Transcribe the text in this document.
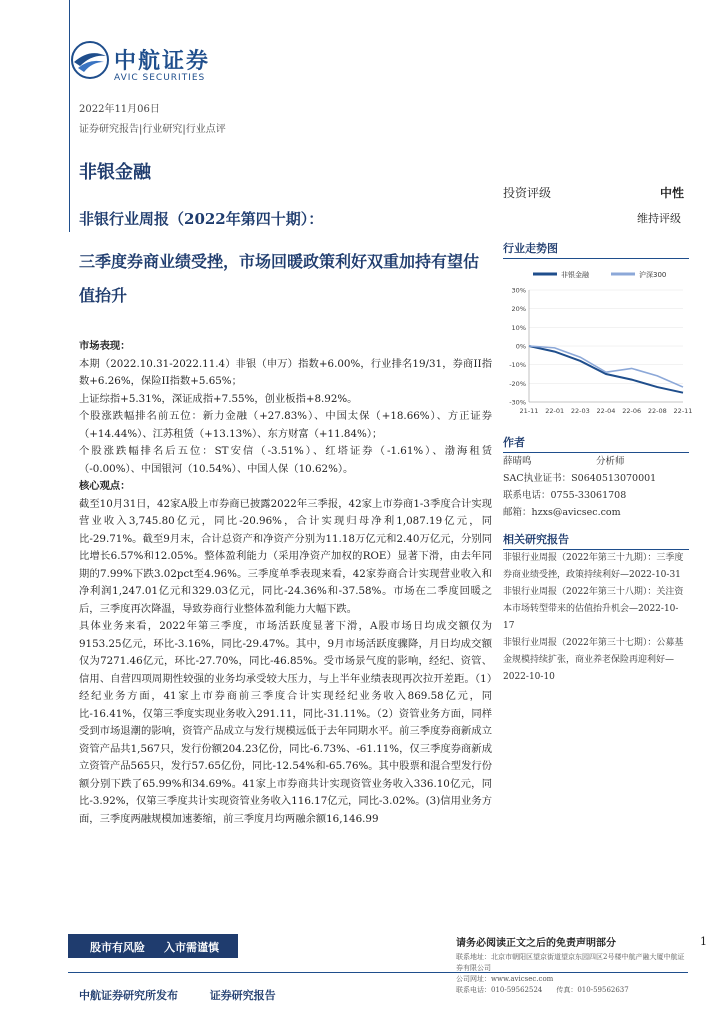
中航证券
AVIC SECURITIES
2022年11月06日
证券研究报告|行业研究|行业点评
非银金融
非银行业周报（2022年第四十期）：
三季度券商业绩受挫，市场回暖政策利好双重加持有望估值抬升
投资评级	中性
维持评级
行业走势图
非银金融	沪深300
30%
20%
10%
0%
-10%
-20%
-30%
21-11 22-01 22-03 22-04 22-06 22-08 22-11

市场表现：

本期（2022.10.31-2022.11.4）非银（申万）指数+6.00%，行业排名19/31，券商II指数+6.26%，保险II指数+5.65%；

上证综指+5.31%，深证成指+7.55%，创业板指+8.92%。

个股涨跌幅排名前五位：新力金融（+27.83%）、中国太保（+18.66%）、方正证券（+14.44%）、江苏租赁（+13.13%）、东方财富（+11.84%）；

个股涨跌幅排名后五位：ST安信（-3.51%）、红塔证券（-1.61%）、渤海租赁（-0.00%）、中国银河（10.54%）、中国人保（10.62%）。

核心观点：

截至10月31日，42家A股上市券商已披露2022年三季报，42家上市券商1-3季度合计实现营业收入3,745.80亿元，同比-20.96%，合计实现归母净利1,087.19亿元，同比-29.71%。截至9月末，合计总资产和净资产分别为11.18万亿元和2.40万亿元，分别同比增长6.57%和12.05%。整体盈利能力（采用净资产加权的ROE）显著下滑，由去年同期的7.99%下跌3.02pct至4.96%。三季度单季表现来看，42家券商合计实现营业收入和净利润1,247.01亿元和329.03亿元，同比-24.36%和-37.58%。市场在二季度回暖之后，三季度再次降温，导致券商行业整体盈利能力大幅下跌。

具体业务来看，2022年第三季度，市场活跃度显著下滑，A股市场日均成交额仅为9153.25亿元，环比-3.16%，同比-29.47%。其中，9月市场活跃度骤降，月日均成交额仅为7271.46亿元，环比-27.70%，同比-46.85%。受市场景气度的影响，经纪、资管、信用、自营四项周期性较强的业务均承受较大压力，与上半年业绩表现再次拉开差距。（1）经纪业务方面，41家上市券商前三季度合计实现经纪业务收入869.58亿元，同比-16.41%，仅第三季度实现业务收入291.11，同比-31.11%。（2）资管业务方面，同样受到市场退潮的影响，资管产品成立与发行规模远低于去年同期水平。前三季度券商新成立资管产品共1,567只，发行份额204.23亿份，同比-6.73%、-61.11%，仅三季度券商新成立资管产品565只，发行57.65亿份，同比-12.54%和-65.76%。其中股票和混合型发行份额分别下跌了65.99%和34.69%。41家上市券商共计实现资管业务收入336.10亿元，同比-3.92%，仅第三季度共计实现资管业务收入116.17亿元，同比-3.02%。(3)信用业务方面，三季度两融规模加速萎缩，前三季度月均两融余额16,146.99

作者
薛晴鸣	分析师
SAC执业证书：S0640513070001
联系电话：0755-33061708
邮箱：hzxs@avicsec.com
相关研究报告

非银行业周报（2022年第三十九期）：三季度券商业绩受挫，政策持续利好—2022-10-31

非银行业周报（2022年第三十八期）：关注资本市场转型带来的估值抬升机会—2022-10-17

非银行业周报（2022年第三十七期）：公募基金规模持续扩张，商业养老保险再迎利好—2022-10-10

股市有风险 入市需谨慎	请务必阅读正文之后的免责声明部分
联系地址：北京市朝阳区望京街道望京东园四区2号楼中航产融大厦中航证券有限公司
公司网址：www.avicsec.com
联系电话：010-59562524　　传真：010-59562637
1
中航证券研究所发布	证券研究报告
